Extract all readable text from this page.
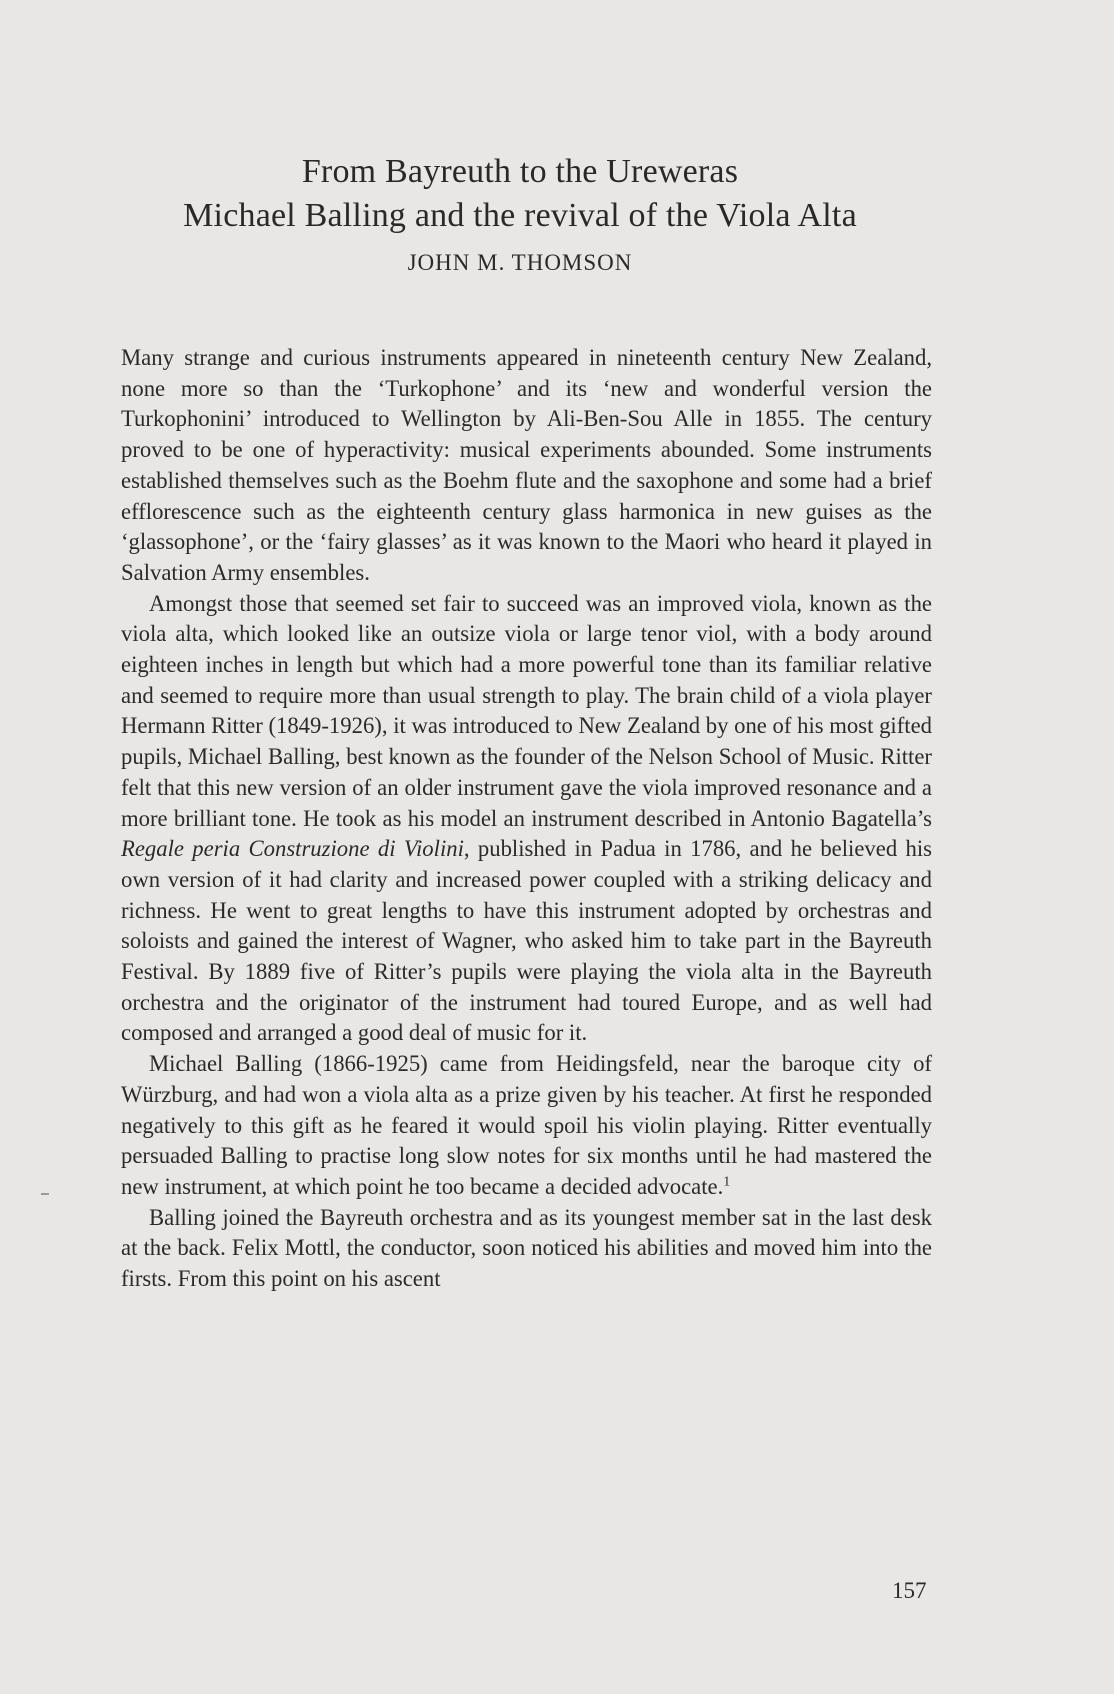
From Bayreuth to the Ureweras
Michael Balling and the revival of the Viola Alta
JOHN M. THOMSON

Many strange and curious instruments appeared in nineteenth century New Zealand, none more so than the ‘Turkophone’ and its ‘new and wonderful version the Turkophonini’ introduced to Wellington by Ali-Ben-Sou Alle in 1855. The century proved to be one of hyperactivity: musical experiments abounded. Some instruments established themselves such as the Boehm flute and the saxophone and some had a brief efflorescence such as the eighteenth century glass harmonica in new guises as the ‘glassophone’, or the ‘fairy glasses’ as it was known to the Maori who heard it played in Salvation Army ensembles.

Amongst those that seemed set fair to succeed was an improved viola, known as the viola alta, which looked like an outsize viola or large tenor viol, with a body around eighteen inches in length but which had a more powerful tone than its familiar relative and seemed to require more than usual strength to play. The brain child of a viola player Hermann Ritter (1849-1926), it was introduced to New Zealand by one of his most gifted pupils, Michael Balling, best known as the founder of the Nelson School of Music. Ritter felt that this new version of an older instrument gave the viola improved resonance and a more brilliant tone. He took as his model an instrument described in Antonio Bagatella’s Regale peria Construzione di Violini, published in Padua in 1786, and he believed his own version of it had clarity and increased power coupled with a striking delicacy and richness. He went to great lengths to have this instrument adopted by orchestras and soloists and gained the interest of Wagner, who asked him to take part in the Bayreuth Festival. By 1889 five of Ritter’s pupils were playing the viola alta in the Bayreuth orchestra and the originator of the instrument had toured Europe, and as well had composed and arranged a good deal of music for it.

Michael Balling (1866-1925) came from Heidingsfeld, near the baroque city of Würzburg, and had won a viola alta as a prize given by his teacher. At first he responded negatively to this gift as he feared it would spoil his violin playing. Ritter eventually persuaded Balling to practise long slow notes for six months until he had mastered the new instrument, at which point he too became a decided advocate.$^1$

Balling joined the Bayreuth orchestra and as its youngest member sat in the last desk at the back. Felix Mottl, the conductor, soon noticed his abilities and moved him into the firsts. From this point on his ascent

157
